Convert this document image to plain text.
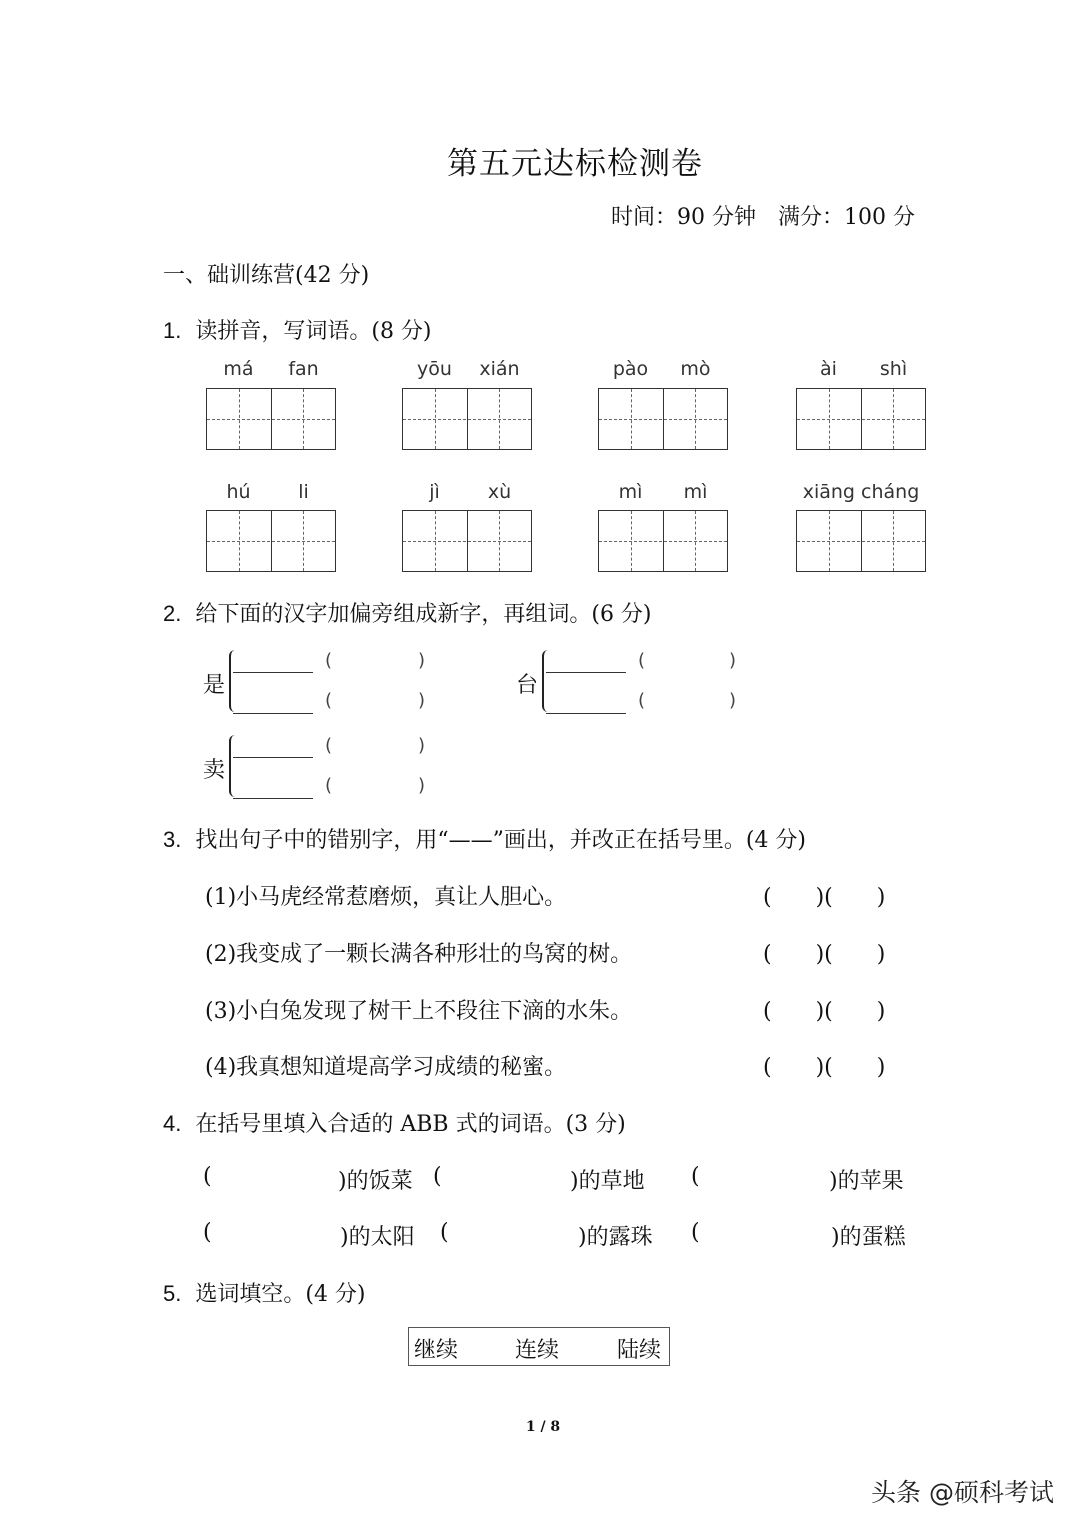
第五元达标检测卷
时间：90 分钟　满分：100 分
一、础训练营(42 分)
1. 读拼音，写词语。(8 分)
má	fan	yōu	xián	pào	mò	ài	shì
hú	li	jì	xù	mì	mì	xiāng cháng
2. 给下面的汉字加偏旁组成新字，再组词。(6 分)
是
(	)
(	)
台
(	)
(	)
卖
(	)
(	)
3. 找出句子中的错别字，用“——”画出，并改正在括号里。(4 分)
(1)小马虎经常惹磨烦，真让人胆心。	(　　)(　　)
(2)我变成了一颗长满各种形壮的鸟窝的树。	(　　)(　　)
(3)小白兔发现了树干上不段往下滴的水朱。	(　　)(　　)
(4)我真想知道堤高学习成绩的秘蜜。	(　　)(　　)
4. 在括号里填入合适的 ABB 式的词语。(3 分)
(	)的饭菜 (	)的草地 (	)的苹果
(	)的太阳 (	)的露珠 (	)的蛋糕
5. 选词填空。(4 分)
继续	连续	陆续
1 / 8
头条 @硕科考试
